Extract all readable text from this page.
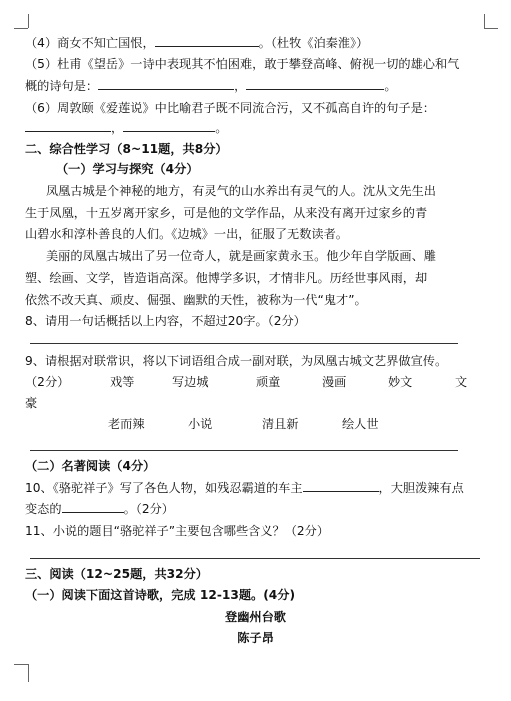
（4）商女不知亡国恨，	。（杜牧《泊秦淮》）
（5）杜甫《望岳》一诗中表现其不怕困难，敢于攀登高峰、俯视一切的雄心和气
概的诗句是：	，	。
（6）周敦颐《爱莲说》中比喻君子既不同流合污，又不孤高自许的句子是：
，	。
二、综合性学习（8~11题，共8分）
（一）学习与探究（4分）
凤凰古城是个神秘的地方，有灵气的山水养出有灵气的人。沈从文先生出
生于凤凰，十五岁离开家乡，可是他的文学作品，从来没有离开过家乡的青
山碧水和淳朴善良的人们。《边城》一出，征服了无数读者。
美丽的凤凰古城出了另一位奇人，就是画家黄永玉。他少年自学版画、雕
塑、绘画、文学，皆造诣高深。他博学多识，才情非凡。历经世事风雨，却
依然不改天真、顽皮、倔强、幽默的天性，被称为一代“鬼才”。
8、请用一句话概括以上内容，不超过20字。（2分）
9、请根据对联常识，将以下词语组合成一副对联，为凤凰古城文艺界做宣传。
（2分）	戏等	写边城	顽童	漫画	妙文	文
豪
老而辣	小说	清且新	绘人世
（二）名著阅读（4分）
10、《骆驼祥子》写了各色人物，如残忍霸道的车主	，大胆泼辣有点
变态的	。（2分）
11、小说的题目“骆驼祥子”主要包含哪些含义？（2分）
三、阅读（12~25题，共32分）
（一）阅读下面这首诗歌，完成 12-13题。(4分)
登幽州台歌
陈子昂
